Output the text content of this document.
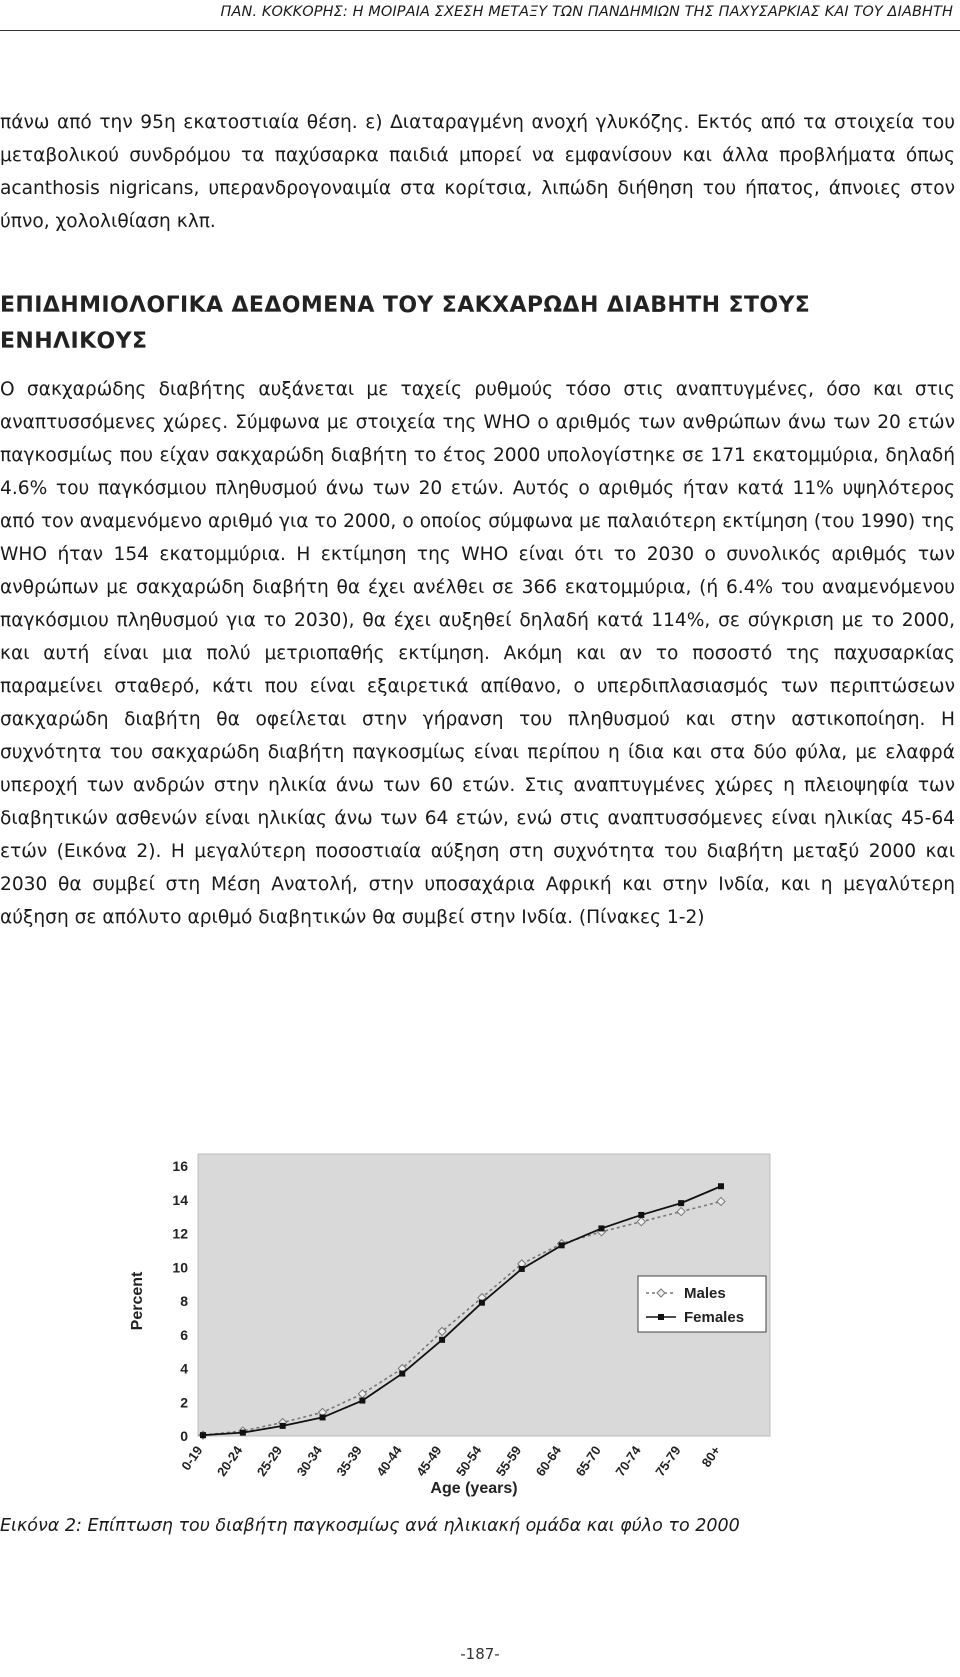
ΠΑΝ. ΚΟΚΚΟΡΗΣ: Η ΜΟΙΡΑΙΑ ΣΧΕΣΗ ΜΕΤΑΞΥ ΤΩΝ ΠΑΝΔΗΜΙΩΝ ΤΗΣ ΠΑΧΥΣΑΡΚΙΑΣ ΚΑΙ ΤΟΥ ΔΙΑΒΗΤΗ
πάνω από την 95η εκατοστιαία θέση. ε) Διαταραγμένη ανοχή γλυκόζης. Εκτός από τα στοιχεία του μεταβολικού συνδρόμου τα παχύσαρκα παιδιά μπορεί να εμφανίσουν και άλλα προβλήματα όπως acanthosis nigricans, υπερανδρογοναιμία στα κορίτσια, λιπώδη διήθηση του ήπατος, άπνοιες στον ύπνο, χολολιθίαση κλπ.
ΕΠΙΔΗΜΙΟΛΟΓΙΚΑ ΔΕΔΟΜΕΝΑ ΤΟΥ ΣΑΚΧΑΡΩΔΗ ΔΙΑΒΗΤΗ ΣΤΟΥΣ ΕΝΗΛΙΚΟΥΣ
Ο σακχαρώδης διαβήτης αυξάνεται με ταχείς ρυθμούς τόσο στις αναπτυγμένες, όσο και στις αναπτυσσόμενες χώρες. Σύμφωνα με στοιχεία της WHO ο αριθμός των ανθρώπων άνω των 20 ετών παγκοσμίως που είχαν σακχαρώδη διαβήτη το έτος 2000 υπολογίστηκε σε 171 εκατομμύρια, δηλαδή 4.6% του παγκόσμιου πληθυσμού άνω των 20 ετών. Αυτός ο αριθμός ήταν κατά 11% υψηλότερος από τον αναμενόμενο αριθμό για το 2000, ο οποίος σύμφωνα με παλαιότερη εκτίμηση (του 1990) της WHO ήταν 154 εκατομμύρια. Η εκτίμηση της WHO είναι ότι το 2030 ο συνολικός αριθμός των ανθρώπων με σακχαρώδη διαβήτη θα έχει ανέλθει σε 366 εκατομμύρια, (ή 6.4% του αναμενόμενου παγκόσμιου πληθυσμού για το 2030), θα έχει αυξηθεί δηλαδή κατά 114%, σε σύγκριση με το 2000, και αυτή είναι μια πολύ μετριοπαθής εκτίμηση. Ακόμη και αν το ποσοστό της παχυσαρκίας παραμείνει σταθερό, κάτι που είναι εξαιρετικά απίθανο, ο υπερδιπλασιασμός των περιπτώσεων σακχαρώδη διαβήτη θα οφείλεται στην γήρανση του πληθυσμού και στην αστικοποίηση. Η συχνότητα του σακχαρώδη διαβήτη παγκοσμίως είναι περίπου η ίδια και στα δύο φύλα, με ελαφρά υπεροχή των ανδρών στην ηλικία άνω των 60 ετών. Στις αναπτυγμένες χώρες η πλειοψηφία των διαβητικών ασθενών είναι ηλικίας άνω των 64 ετών, ενώ στις αναπτυσσόμενες είναι ηλικίας 45-64 ετών (Εικόνα 2). Η μεγαλύτερη ποσοστιαία αύξηση στη συχνότητα του διαβήτη μεταξύ 2000 και 2030 θα συμβεί στη Μέση Ανατολή, στην υποσαχάρια Αφρική και στην Ινδία, και η μεγαλύτερη αύξηση σε απόλυτο αριθμό διαβητικών θα συμβεί στην Ινδία. (Πίνακες 1-2)
0
2
4
6
8
10
12
14
16
Percent
0-19 20-24 25-29 30-34 35-39 40-44 45-49 50-54 55-59 60-64 65-70 70-74 75-79 80+
Age (years)
Males
Females
Εικόνα 2: Επίπτωση του διαβήτη παγκοσμίως ανά ηλικιακή ομάδα και φύλο το 2000
-187-
